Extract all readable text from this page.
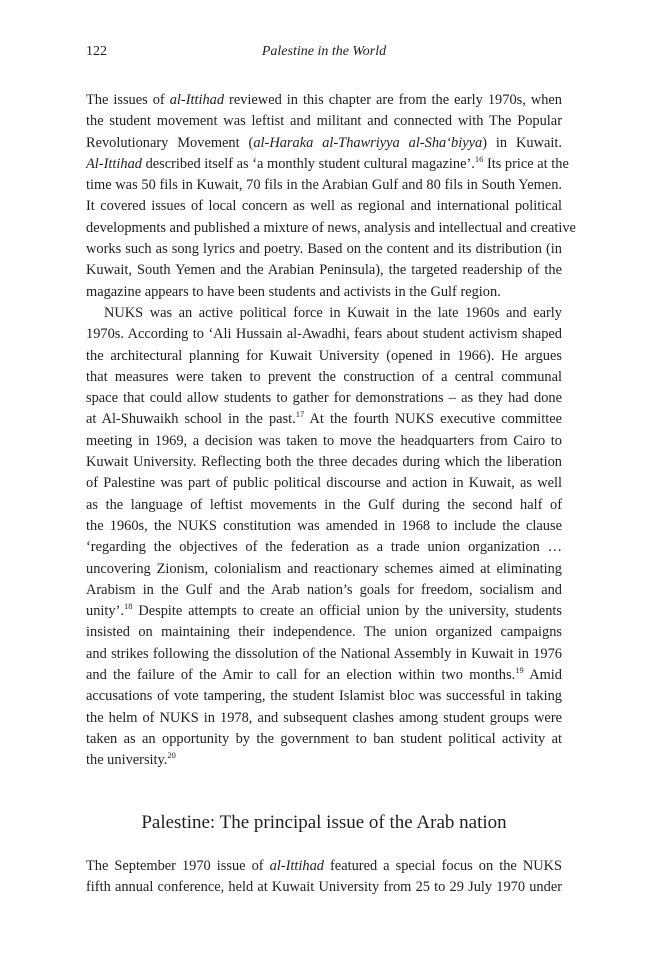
122	Palestine in the World
The issues of al-Ittihad reviewed in this chapter are from the early 1970s, when
the student movement was leftist and militant and connected with The Popular
Revolutionary Movement (al-Haraka al-Thawriyya al-Sha‘biyya) in Kuwait.
Al-Ittihad described itself as ‘a monthly student cultural magazine’.$^{16}$ Its price at the
time was 50 fils in Kuwait, 70 fils in the Arabian Gulf and 80 fils in South Yemen.
It covered issues of local concern as well as regional and international political
developments and published a mixture of news, analysis and intellectual and creative
works such as song lyrics and poetry. Based on the content and its distribution (in
Kuwait, South Yemen and the Arabian Peninsula), the targeted readership of the
magazine appears to have been students and activists in the Gulf region.
NUKS was an active political force in Kuwait in the late 1960s and early
1970s. According to ‘Ali Hussain al-Awadhi, fears about student activism shaped
the architectural planning for Kuwait University (opened in 1966). He argues
that measures were taken to prevent the construction of a central communal
space that could allow students to gather for demonstrations – as they had done
at Al-Shuwaikh school in the past.$^{17}$ At the fourth NUKS executive committee
meeting in 1969, a decision was taken to move the headquarters from Cairo to
Kuwait University. Reflecting both the three decades during which the liberation
of Palestine was part of public political discourse and action in Kuwait, as well
as the language of leftist movements in the Gulf during the second half of
the 1960s, the NUKS constitution was amended in 1968 to include the clause
‘regarding the objectives of the federation as a trade union organization …
uncovering Zionism, colonialism and reactionary schemes aimed at eliminating
Arabism in the Gulf and the Arab nation’s goals for freedom, socialism and
unity’.$^{18}$ Despite attempts to create an official union by the university, students
insisted on maintaining their independence. The union organized campaigns
and strikes following the dissolution of the National Assembly in Kuwait in 1976
and the failure of the Amir to call for an election within two months.$^{19}$ Amid
accusations of vote tampering, the student Islamist bloc was successful in taking
the helm of NUKS in 1978, and subsequent clashes among student groups were
taken as an opportunity by the government to ban student political activity at
the university.$^{20}$
Palestine: The principal issue of the Arab nation
The September 1970 issue of al-Ittihad featured a special focus on the NUKS
fifth annual conference, held at Kuwait University from 25 to 29 July 1970 under
